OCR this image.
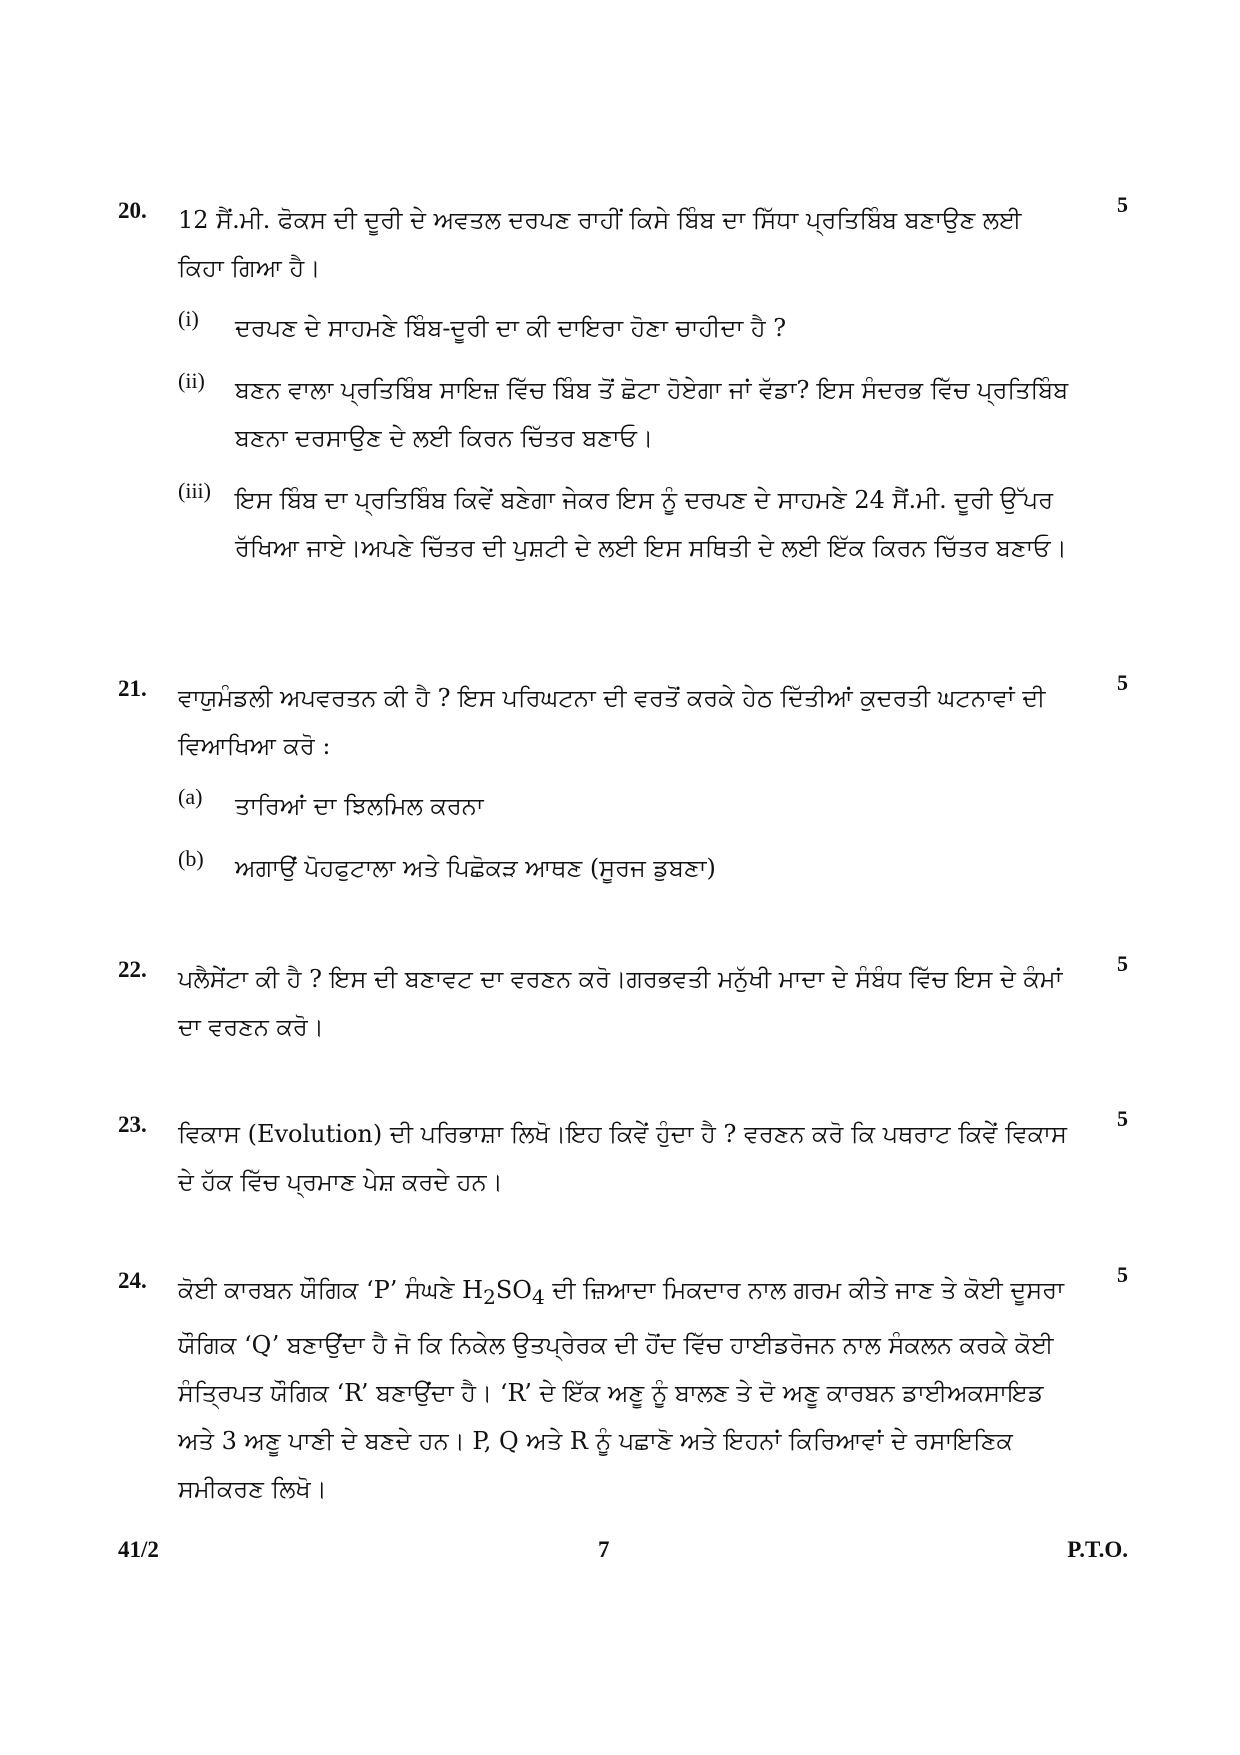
20. 12 ਸੈਂ.ਮੀ. ਫੋਕਸ ਦੀ ਦੂਰੀ ਦੇ ਅਵਤਲ ਦਰਪਣ ਰਾਹੀਂ ਕਿਸੇ ਬਿੰਬ ਦਾ ਸਿੱਧਾ ਪ੍ਰਤਿਬਿੰਬ ਬਣਾਉਣ ਲਈ ਕਿਹਾ ਗਿਆ ਹੈ।
5
(i) ਦਰਪਣ ਦੇ ਸਾਹਮਣੇ ਬਿੰਬ-ਦੂਰੀ ਦਾ ਕੀ ਦਾਇਰਾ ਹੋਣਾ ਚਾਹੀਦਾ ਹੈ ?
(ii) ਬਣਨ ਵਾਲਾ ਪ੍ਰਤਿਬਿੰਬ ਸਾਇਜ਼ ਵਿੱਚ ਬਿੰਬ ਤੋਂ ਛੋਟਾ ਹੋਏਗਾ ਜਾਂ ਵੱਡਾ? ਇਸ ਸੰਦਰਭ ਵਿੱਚ ਪ੍ਰਤਿਬਿੰਬ ਬਣਨਾ ਦਰਸਾਉਣ ਦੇ ਲਈ ਕਿਰਨ ਚਿੱਤਰ ਬਣਾਓ।
(iii) ਇਸ ਬਿੰਬ ਦਾ ਪ੍ਰਤਿਬਿੰਬ ਕਿਵੇਂ ਬਣੇਗਾ ਜੇਕਰ ਇਸ ਨੂੰ ਦਰਪਣ ਦੇ ਸਾਹਮਣੇ 24 ਸੈਂ.ਮੀ. ਦੂਰੀ ਉੱਪਰ ਰੱਖਿਆ ਜਾਏ।ਅਪਣੇ ਚਿੱਤਰ ਦੀ ਪੁਸ਼ਟੀ ਦੇ ਲਈ ਇਸ ਸਥਿਤੀ ਦੇ ਲਈ ਇੱਕ ਕਿਰਨ ਚਿੱਤਰ ਬਣਾਓ।
21. ਵਾਯੁਮੰਡਲੀ ਅਪਵਰਤਨ ਕੀ ਹੈ ? ਇਸ ਪਰਿਘਟਨਾ ਦੀ ਵਰਤੋਂ ਕਰਕੇ ਹੇਠ ਦਿੱਤੀਆਂ ਕੁਦਰਤੀ ਘਟਨਾਵਾਂ ਦੀ ਵਿਆਖਿਆ ਕਰੋ :
5
(a) ਤਾਰਿਆਂ ਦਾ ਝਿਲਮਿਲ ਕਰਨਾ
(b) ਅਗਾਉਂ ਪੋਹਫੁਟਾਲਾ ਅਤੇ ਪਿਛੋਕੜ ਆਥਣ (ਸੂਰਜ ਡੁਬਣਾ)
22. ਪਲੈਸੇਂਟਾ ਕੀ ਹੈ ? ਇਸ ਦੀ ਬਣਾਵਟ ਦਾ ਵਰਣਨ ਕਰੋ।ਗਰਭਵਤੀ ਮਨੁੱਖੀ ਮਾਦਾ ਦੇ ਸੰਬੰਧ ਵਿੱਚ ਇਸ ਦੇ ਕੰਮਾਂ ਦਾ ਵਰਣਨ ਕਰੋ।
5
23. ਵਿਕਾਸ (Evolution) ਦੀ ਪਰਿਭਾਸ਼ਾ ਲਿਖੋ।ਇਹ ਕਿਵੇਂ ਹੁੰਦਾ ਹੈ ? ਵਰਣਨ ਕਰੋ ਕਿ ਪਥਰਾਟ ਕਿਵੇਂ ਵਿਕਾਸ ਦੇ ਹੱਕ ਵਿੱਚ ਪ੍ਰਮਾਣ ਪੇਸ਼ ਕਰਦੇ ਹਨ।
5
24. ਕੋਈ ਕਾਰਬਨ ਯੌਗਿਕ ‘P’ ਸੰਘਣੇ $H_2SO_4$ ਦੀ ਜ਼ਿਆਦਾ ਮਿਕਦਾਰ ਨਾਲ ਗਰਮ ਕੀਤੇ ਜਾਣ ਤੇ ਕੋਈ ਦੂਸਰਾ ਯੌਗਿਕ ‘Q’ ਬਣਾਉਂਦਾ ਹੈ ਜੋ ਕਿ ਨਿਕੇਲ ਉਤਪ੍ਰੇਰਕ ਦੀ ਹੋਂਦ ਵਿੱਚ ਹਾਈਡਰੋਜਨ ਨਾਲ ਸੰਕਲਨ ਕਰਕੇ ਕੋਈ ਸੰਤ੍ਰਿਪਤ ਯੌਗਿਕ ‘R’ ਬਣਾਉਂਦਾ ਹੈ। ‘R’ ਦੇ ਇੱਕ ਅਣੂ ਨੂੰ ਬਾਲਣ ਤੇ ਦੋ ਅਣੂ ਕਾਰਬਨ ਡਾਈਅਕਸਾਇਡ ਅਤੇ 3 ਅਣੂ ਪਾਣੀ ਦੇ ਬਣਦੇ ਹਨ। P, Q ਅਤੇ R ਨੂੰ ਪਛਾਣੋ ਅਤੇ ਇਹਨਾਂ ਕਿਰਿਆਵਾਂ ਦੇ ਰਸਾਇਣਿਕ ਸਮੀਕਰਣ ਲਿਖੋ।
5
41/2	7	P.T.O.
